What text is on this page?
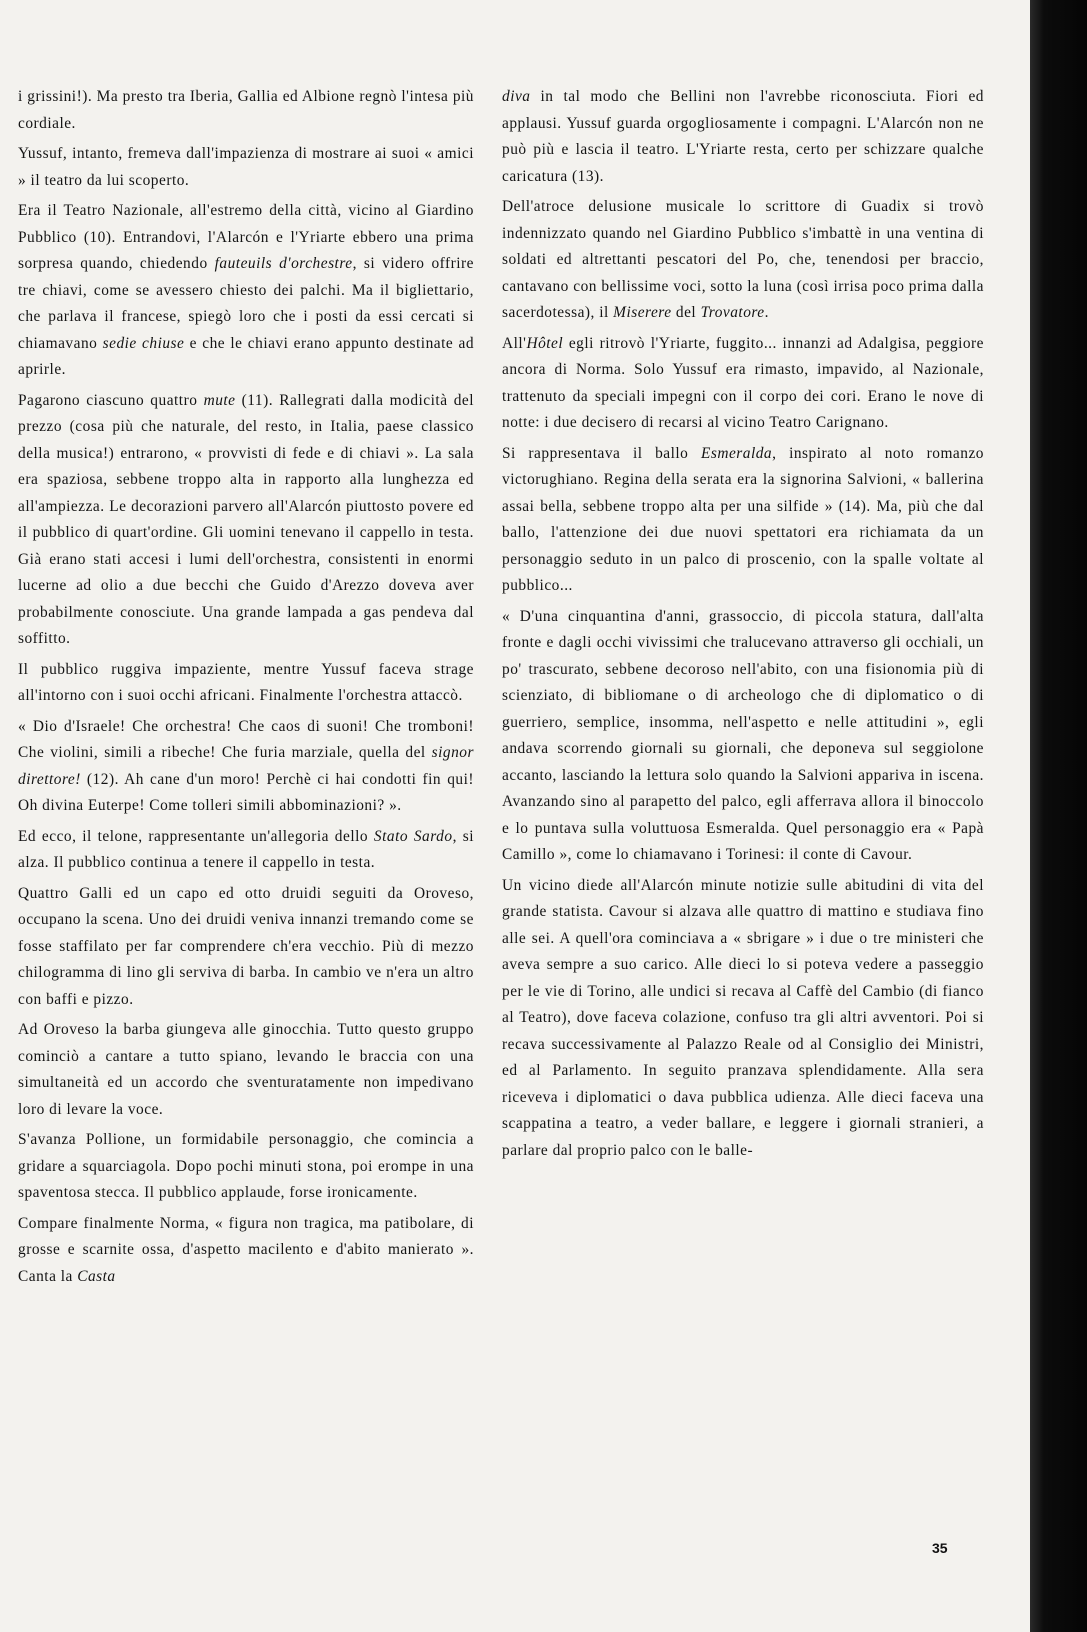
i grissini!). Ma presto tra Iberia, Gallia ed Albione regnò l'intesa più cordiale.

Yussuf, intanto, fremeva dall'impazienza di mostrare ai suoi « amici » il teatro da lui scoperto.

Era il Teatro Nazionale, all'estremo della città, vicino al Giardino Pubblico (10). Entrandovi, l'Alarcón e l'Yriarte ebbero una prima sorpresa quando, chiedendo fauteuils d'orchestre, si videro offrire tre chiavi, come se avessero chiesto dei palchi. Ma il bigliettario, che parlava il francese, spiegò loro che i posti da essi cercati si chiamavano sedie chiuse e che le chiavi erano appunto destinate ad aprirle.

Pagarono ciascuno quattro mute (11). Rallegrati dalla modicità del prezzo (cosa più che naturale, del resto, in Italia, paese classico della musica!) entrarono, « provvisti di fede e di chiavi ». La sala era spaziosa, sebbene troppo alta in rapporto alla lunghezza ed all'ampiezza. Le decorazioni parvero all'Alarcón piuttosto povere ed il pubblico di quart'ordine. Gli uomini tenevano il cappello in testa. Già erano stati accesi i lumi dell'orchestra, consistenti in enormi lucerne ad olio a due becchi che Guido d'Arezzo doveva aver probabilmente conosciute. Una grande lampada a gas pendeva dal soffitto.

Il pubblico ruggiva impaziente, mentre Yussuf faceva strage all'intorno con i suoi occhi africani. Finalmente l'orchestra attaccò.

« Dio d'Israele! Che orchestra! Che caos di suoni! Che tromboni! Che violini, simili a ribeche! Che furia marziale, quella del signor direttore! (12). Ah cane d'un moro! Perchè ci hai condotti fin qui! Oh divina Euterpe! Come tolleri simili abbominazioni? ».

Ed ecco, il telone, rappresentante un'allegoria dello Stato Sardo, si alza. Il pubblico continua a tenere il cappello in testa.

Quattro Galli ed un capo ed otto druidi seguiti da Oroveso, occupano la scena. Uno dei druidi veniva innanzi tremando come se fosse staffilato per far comprendere ch'era vecchio. Più di mezzo chilogramma di lino gli serviva di barba. In cambio ve n'era un altro con baffi e pizzo.

Ad Oroveso la barba giungeva alle ginocchia. Tutto questo gruppo cominciò a cantare a tutto spiano, levando le braccia con una simultaneità ed un accordo che sventuratamente non impedivano loro di levare la voce.

S'avanza Pollione, un formidabile personaggio, che comincia a gridare a squarciagola. Dopo pochi minuti stona, poi erompe in una spaventosa stecca. Il pubblico applaude, forse ironicamente.

Compare finalmente Norma, « figura non tragica, ma patibolare, di grosse e scarnite ossa, d'aspetto macilento e d'abito manierato ». Canta la Casta

diva in tal modo che Bellini non l'avrebbe riconosciuta. Fiori ed applausi. Yussuf guarda orgogliosamente i compagni. L'Alarcón non ne può più e lascia il teatro. L'Yriarte resta, certo per schizzare qualche caricatura (13).

Dell'atroce delusione musicale lo scrittore di Guadix si trovò indennizzato quando nel Giardino Pubblico s'imbattè in una ventina di soldati ed altrettanti pescatori del Po, che, tenendosi per braccio, cantavano con bellissime voci, sotto la luna (così irrisa poco prima dalla sacerdotessa), il Miserere del Trovatore.

All'Hôtel egli ritrovò l'Yriarte, fuggito... innanzi ad Adalgisa, peggiore ancora di Norma. Solo Yussuf era rimasto, impavido, al Nazionale, trattenuto da speciali impegni con il corpo dei cori. Erano le nove di notte: i due decisero di recarsi al vicino Teatro Carignano.

Si rappresentava il ballo Esmeralda, inspirato al noto romanzo victorughiano. Regina della serata era la signorina Salvioni, « ballerina assai bella, sebbene troppo alta per una silfide » (14). Ma, più che dal ballo, l'attenzione dei due nuovi spettatori era richiamata da un personaggio seduto in un palco di proscenio, con la spalle voltate al pubblico...

« D'una cinquantina d'anni, grassoccio, di piccola statura, dall'alta fronte e dagli occhi vivissimi che tralucevano attraverso gli occhiali, un po' trascurato, sebbene decoroso nell'abito, con una fisionomia più di scienziato, di bibliomane o di archeologo che di diplomatico o di guerriero, semplice, insomma, nell'aspetto e nelle attitudini », egli andava scorrendo giornali su giornali, che deponeva sul seggiolone accanto, lasciando la lettura solo quando la Salvioni appariva in iscena. Avanzando sino al parapetto del palco, egli afferrava allora il binoccolo e lo puntava sulla voluttuosa Esmeralda. Quel personaggio era « Papà Camillo », come lo chiamavano i Torinesi: il conte di Cavour.

Un vicino diede all'Alarcón minute notizie sulle abitudini di vita del grande statista. Cavour si alzava alle quattro di mattino e studiava fino alle sei. A quell'ora cominciava a « sbrigare » i due o tre ministeri che aveva sempre a suo carico. Alle dieci lo si poteva vedere a passeggio per le vie di Torino, alle undici si recava al Caffè del Cambio (di fianco al Teatro), dove faceva colazione, confuso tra gli altri avventori. Poi si recava successivamente al Palazzo Reale od al Consiglio dei Ministri, ed al Parlamento. In seguito pranzava splendidamente. Alla sera riceveva i diplomatici o dava pubblica udienza. Alle dieci faceva una scappatina a teatro, a veder ballare, e leggere i giornali stranieri, a parlare dal proprio palco con le balle-

35
